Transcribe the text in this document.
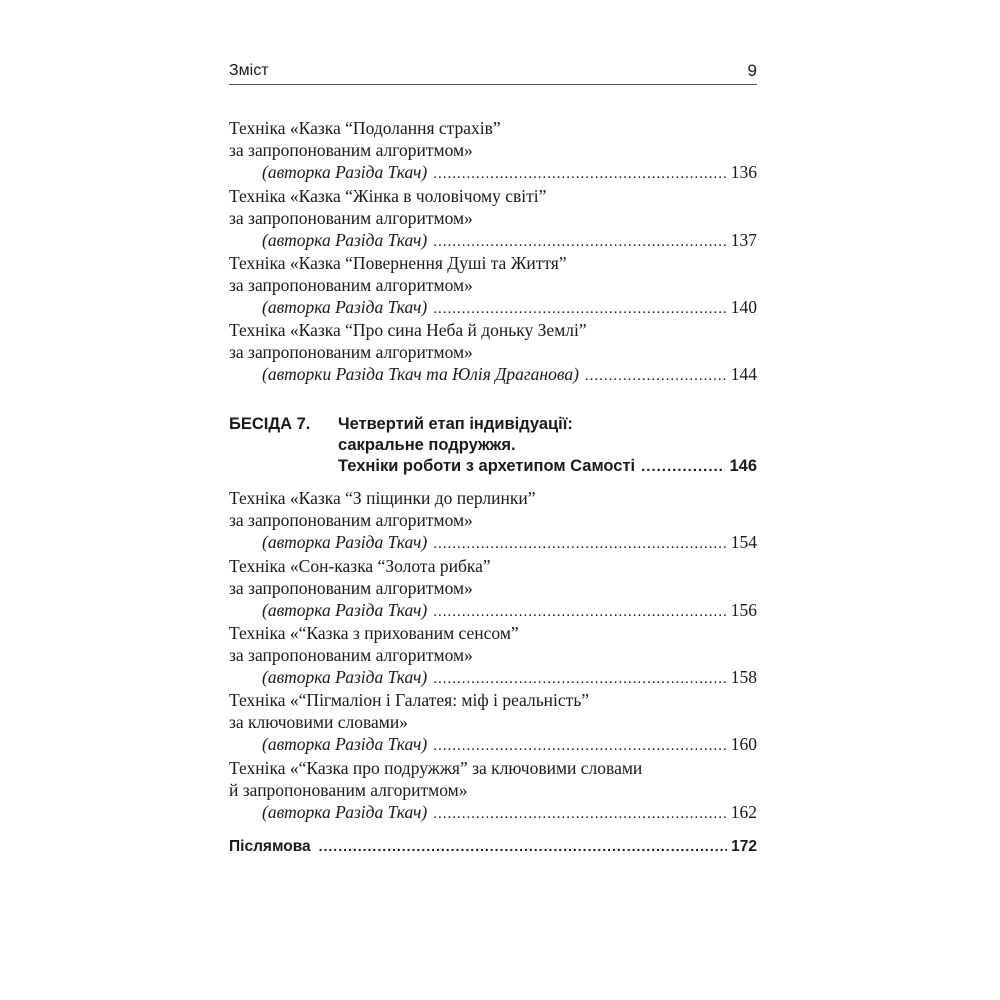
Зміст	9
Техніка «Казка “Подолання страхів”
за запропонованим алгоритмом»
(авторка Разіда Ткач) .....	136
Техніка «Казка “Жінка в чоловічому світі”
за запропонованим алгоритмом»
(авторка Разіда Ткач) .....	137
Техніка «Казка “Повернення Душі та Життя”
за запропонованим алгоритмом»
(авторка Разіда Ткач) .....	140
Техніка «Казка “Про сина Неба й доньку Землі”
за запропонованим алгоритмом»
(авторки Разіда Ткач та Юлія Драганова) .....	144
БЕСІДА 7. Четвертий етап індивідуації:
сакральне подружжя.
Техніки роботи з архетипом Самості .....	146
Техніка «Казка “З піщинки до перлинки”
за запропонованим алгоритмом»
(авторка Разіда Ткач) .....	154
Техніка «Сон-казка “Золота рибка”
за запропонованим алгоритмом»
(авторка Разіда Ткач) .....	156
Техніка «“Казка з прихованим сенсом”
за запропонованим алгоритмом»
(авторка Разіда Ткач) .....	158
Техніка «“Пігмаліон і Галатея: міф і реальність”
за ключовими словами»
(авторка Разіда Ткач) .....	160
Техніка «“Казка про подружжя” за ключовими словами
й запропонованим алгоритмом»
(авторка Разіда Ткач) .....	162
Післямова .....	172
